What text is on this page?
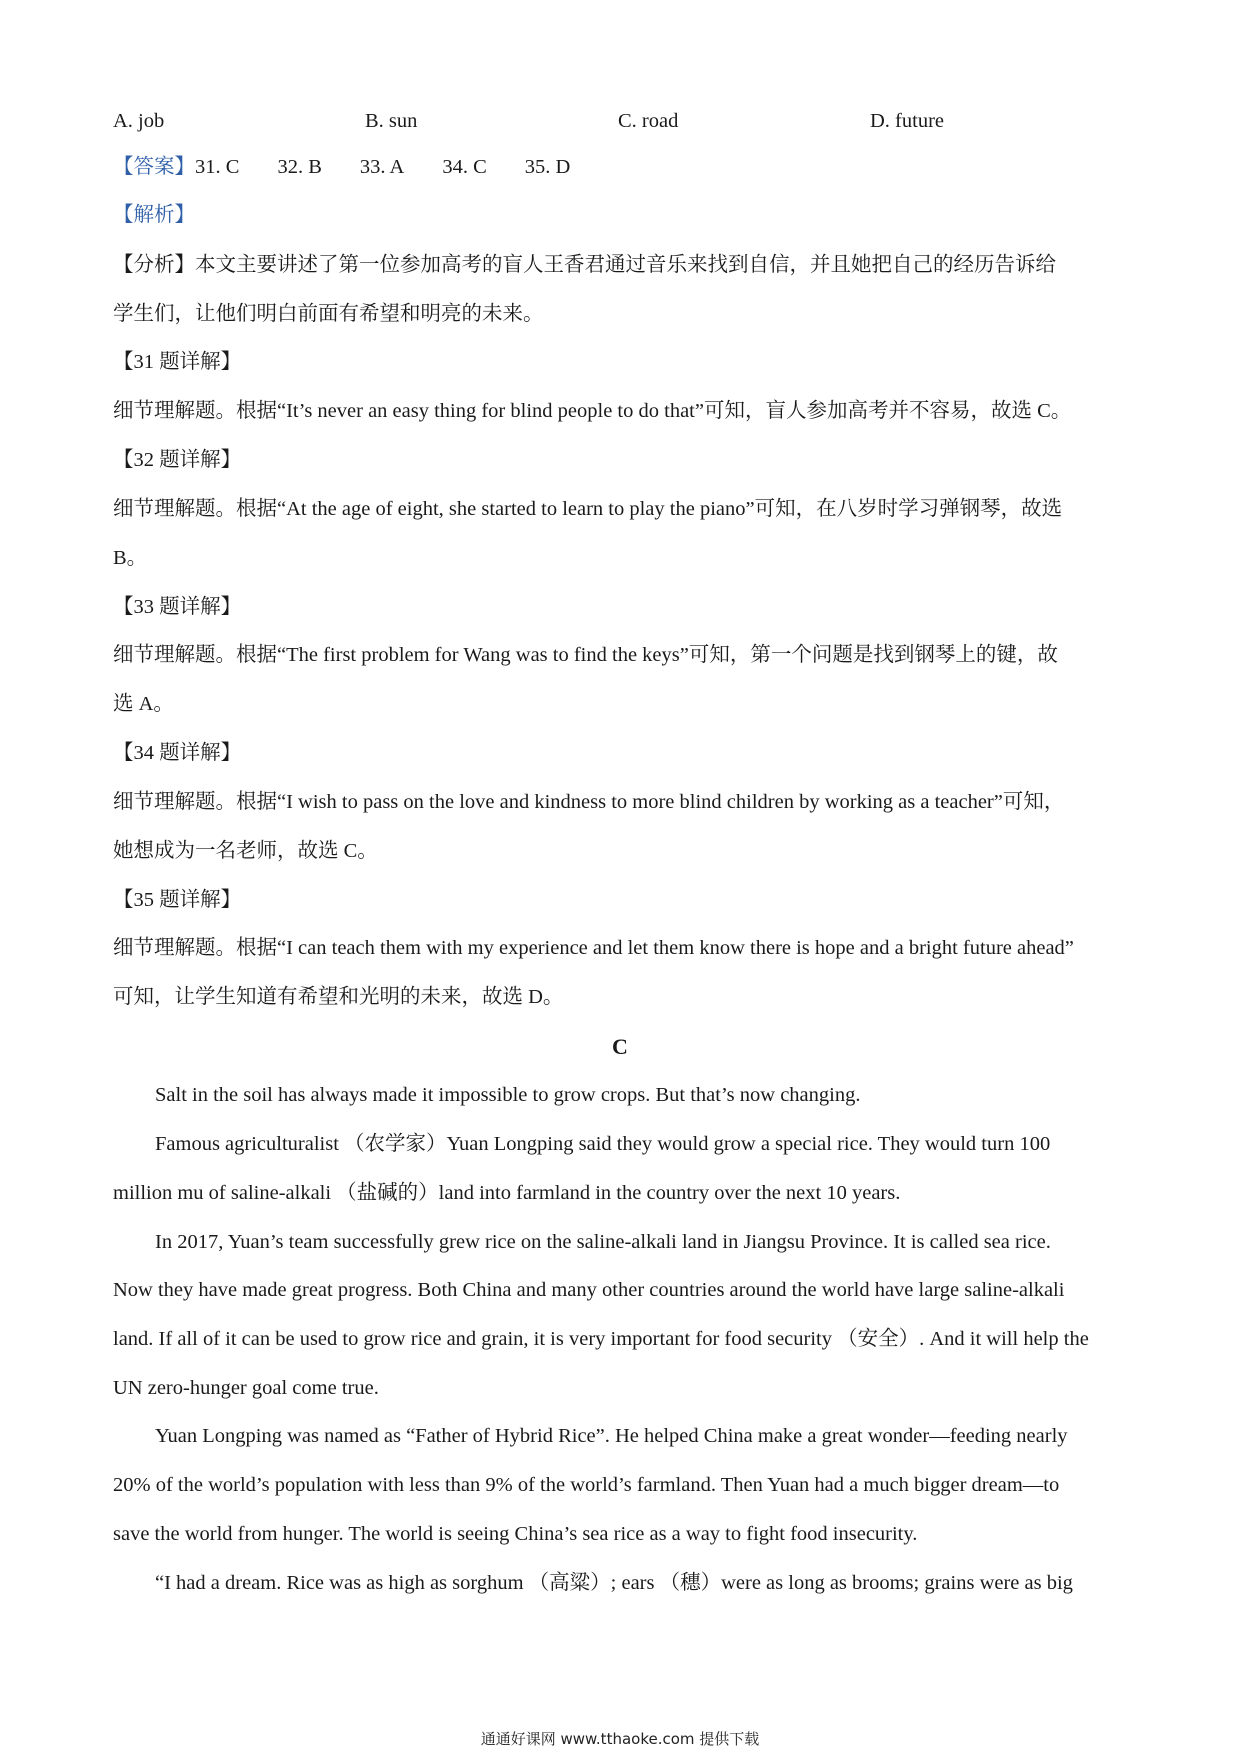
A. job	B. sun	C. road	D. future
【答案】31. C 32. B 33. A 34. C 35. D
【解析】
【分析】本文主要讲述了第一位参加高考的盲人王香君通过音乐来找到自信，并且她把自己的经历告诉给
学生们，让他们明白前面有希望和明亮的未来。
【31 题详解】
细节理解题。根据“It’s never an easy thing for blind people to do that”可知，盲人参加高考并不容易，故选 C。
【32 题详解】
细节理解题。根据“At the age of eight, she started to learn to play the piano”可知，在八岁时学习弹钢琴，故选
B。
【33 题详解】
细节理解题。根据“The first problem for Wang was to find the keys”可知，第一个问题是找到钢琴上的键，故
选 A。
【34 题详解】
细节理解题。根据“I wish to pass on the love and kindness to more blind children by working as a teacher”可知，
她想成为一名老师，故选 C。
【35 题详解】
细节理解题。根据“I can teach them with my experience and let them know there is hope and a bright future ahead”
可知，让学生知道有希望和光明的未来，故选 D。
C
Salt in the soil has always made it impossible to grow crops. But that’s now changing.
Famous agriculturalist （农学家）Yuan Longping said they would grow a special rice. They would turn 100
million mu of saline-alkali （盐碱的）land into farmland in the country over the next 10 years.
In 2017, Yuan’s team successfully grew rice on the saline-alkali land in Jiangsu Province. It is called sea rice.
Now they have made great progress. Both China and many other countries around the world have large saline-alkali
land. If all of it can be used to grow rice and grain, it is very important for food security （安全）. And it will help the
UN zero-hunger goal come true.
Yuan Longping was named as “Father of Hybrid Rice”. He helped China make a great wonder—feeding nearly
20% of the world’s population with less than 9% of the world’s farmland. Then Yuan had a much bigger dream—to
save the world from hunger. The world is seeing China’s sea rice as a way to fight food insecurity.
“I had a dream. Rice was as high as sorghum （高粱）; ears （穗）were as long as brooms; grains were as big
通通好课网 www.tthaoke.com 提供下载
